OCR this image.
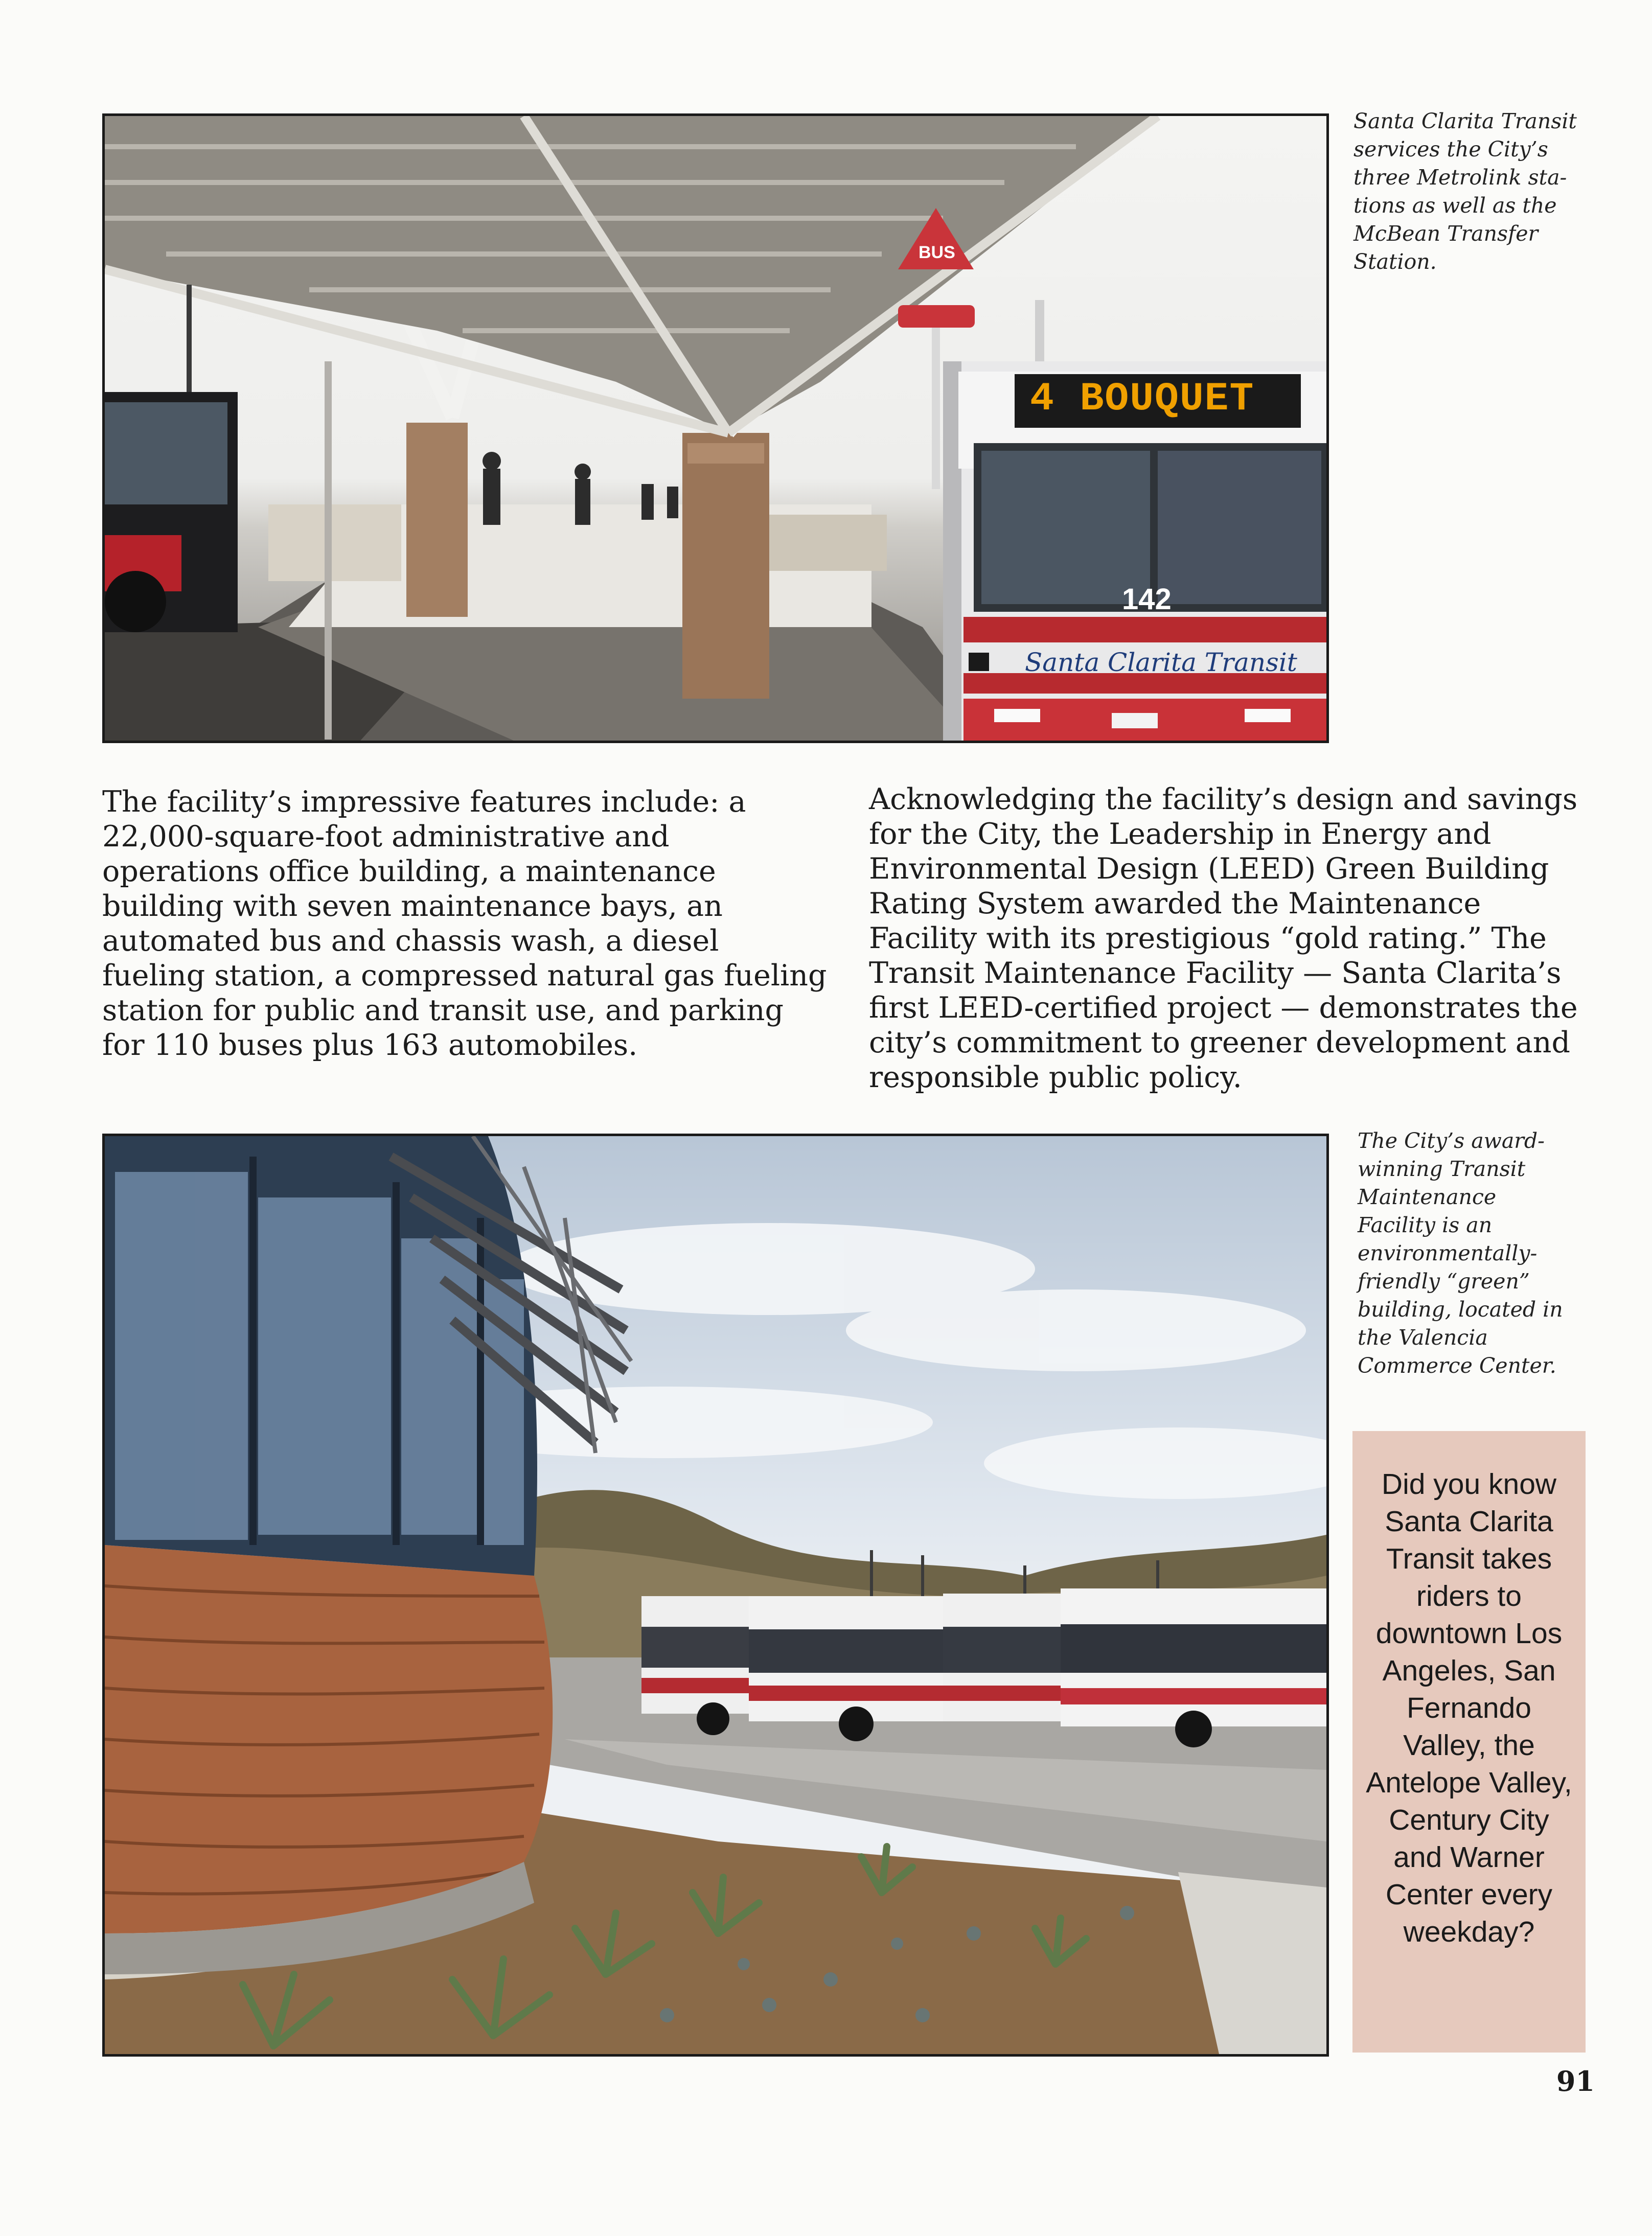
BUS
4 BOUQUET
142
Santa Clarita Transit

Santa Clarita Transit services the City’s three Metrolink sta-tions as well as the McBean Transfer Station.

The facility’s impressive features include: a 22,000-square-foot administrative and operations office building, a maintenance building with seven maintenance bays, an automated bus and chassis wash, a diesel fueling station, a compressed natural gas fueling station for public and transit use, and parking for 110 buses plus 163 automobiles.

Acknowledging the facility’s design and savings for the City, the Leadership in Energy and Environmental Design (LEED) Green Building Rating System awarded the Maintenance Facility with its prestigious “gold rating.” The Transit Maintenance Facility — Santa Clarita’s first LEED-certified project — demonstrates the city’s commitment to greener development and responsible public policy.

The City’s award-winning Transit Maintenance Facility is an environmentally-friendly “green” building, located in the Valencia Commerce Center.

Did you know Santa Clarita Transit takes riders to downtown Los Angeles, San Fernando Valley, the Antelope Valley, Century City and Warner Center every weekday?

91
